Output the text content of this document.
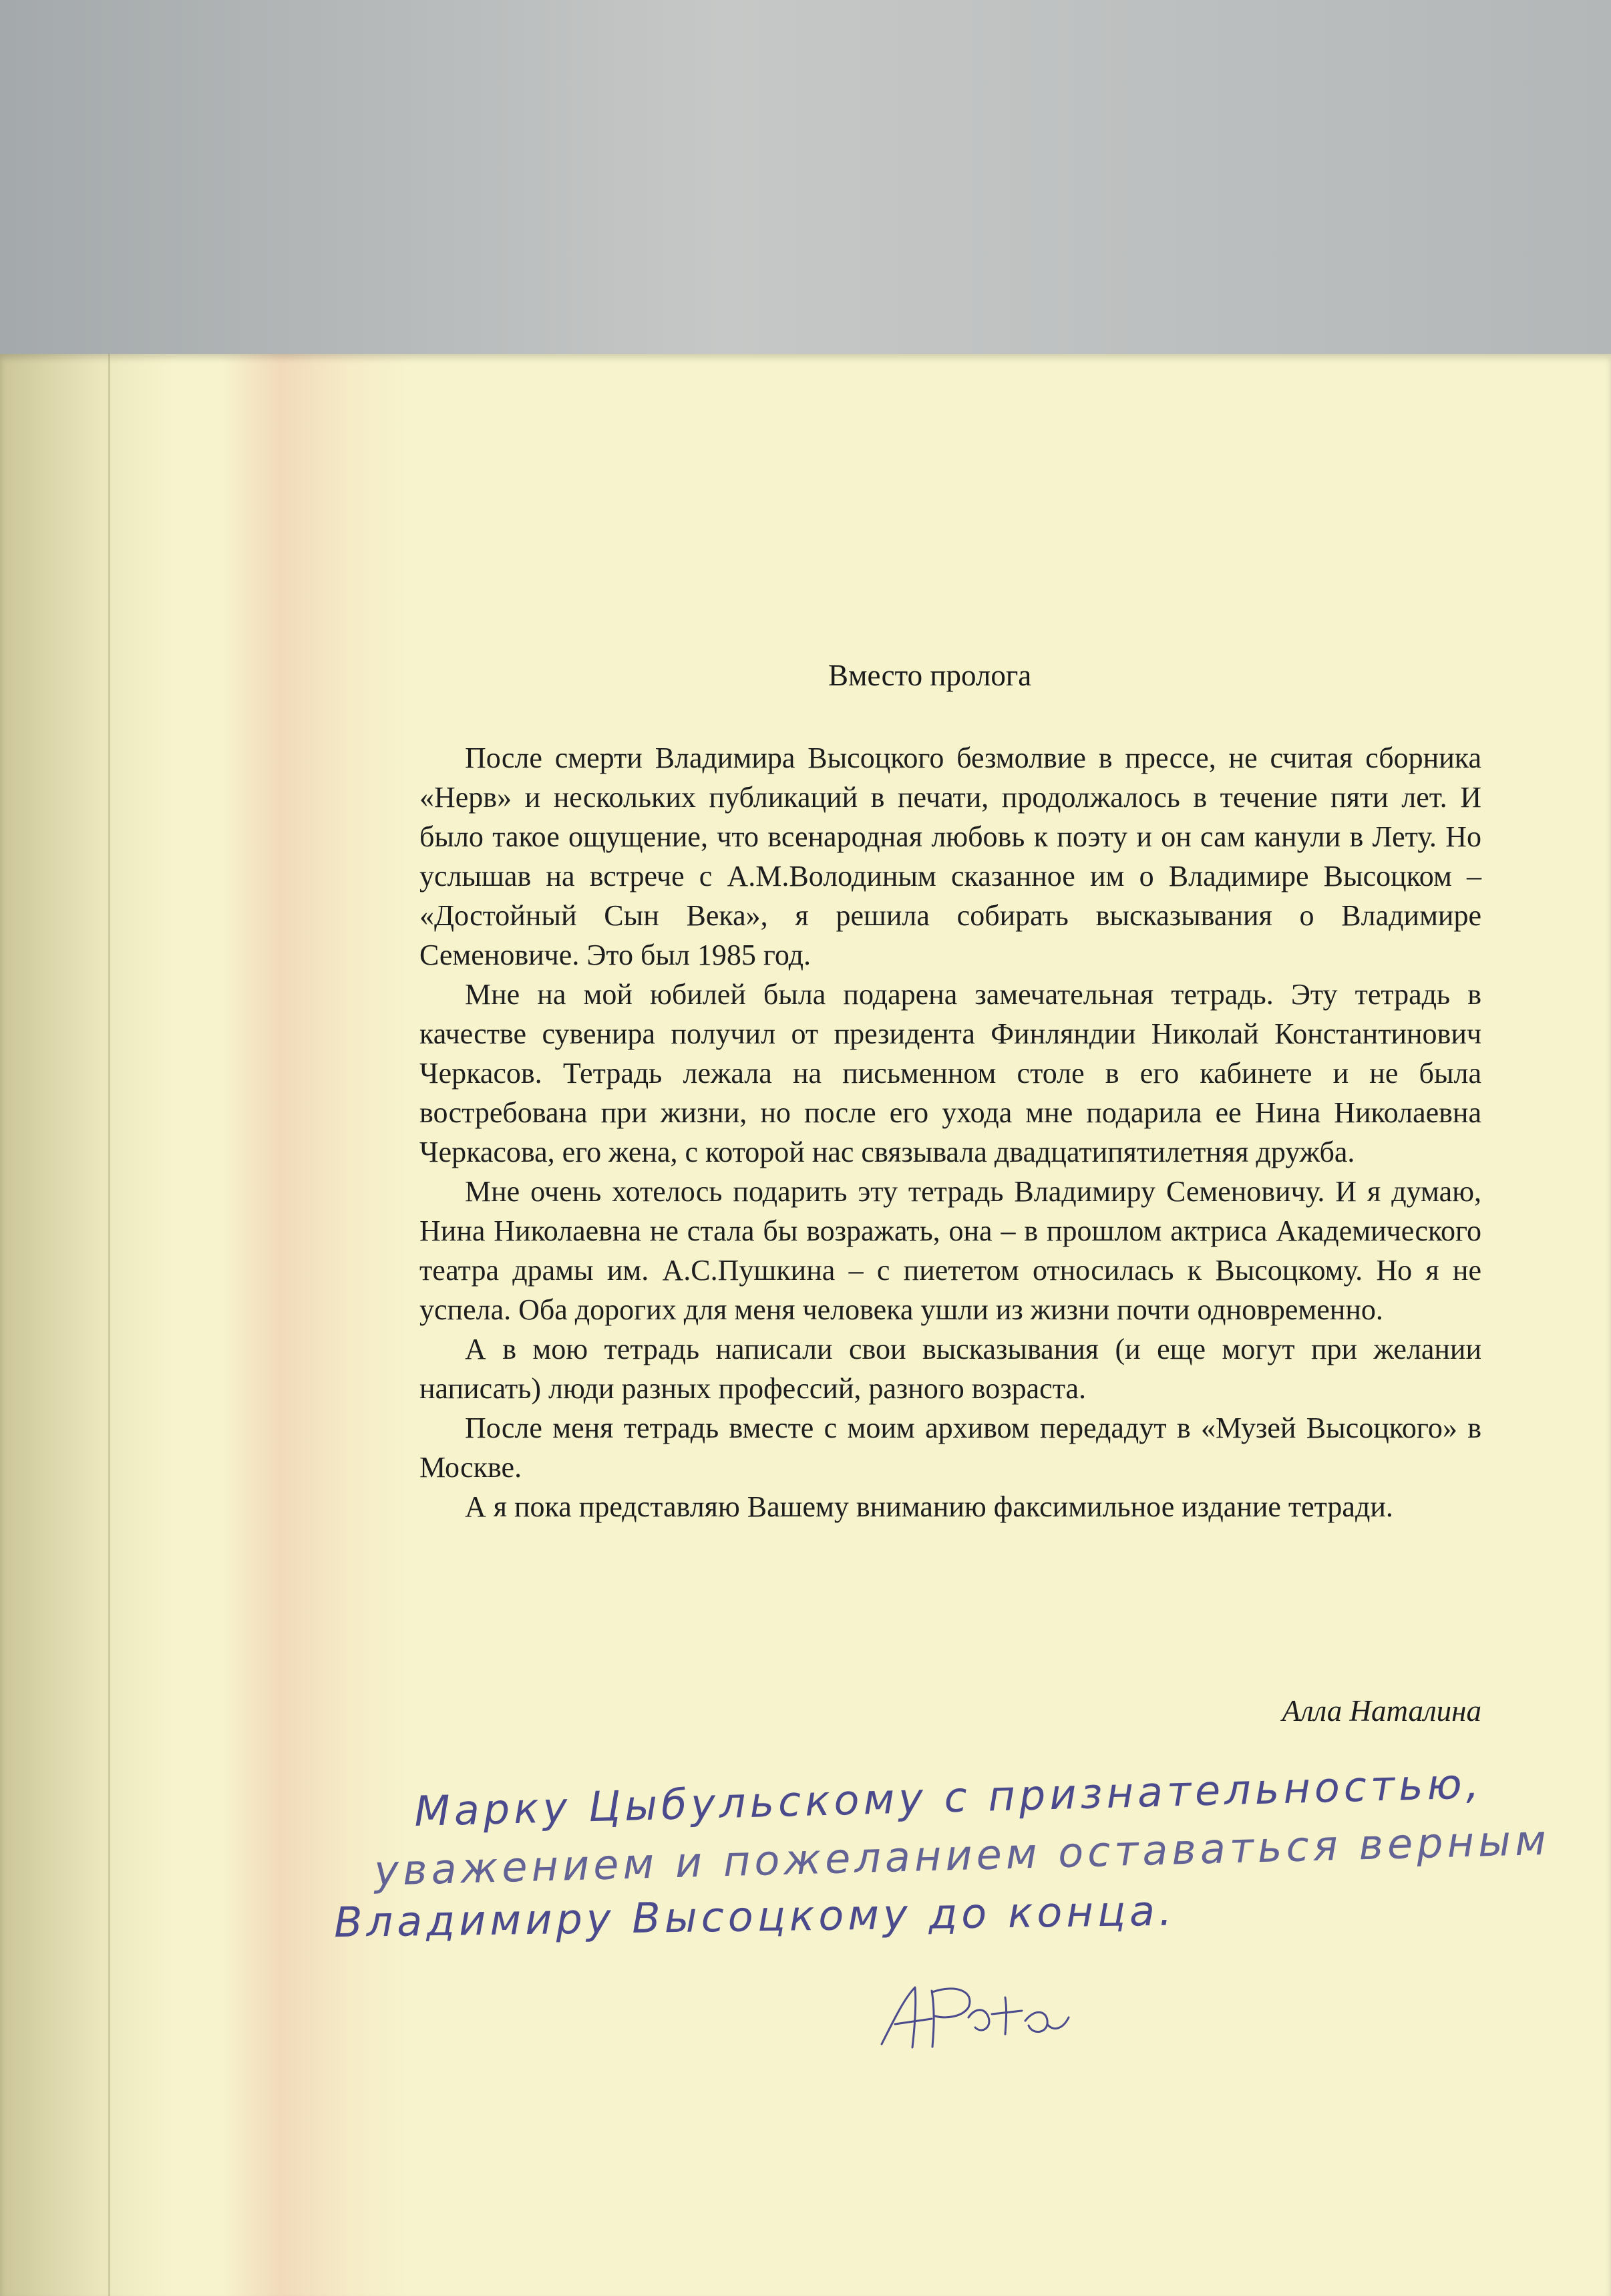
Вместо пролога

После смерти Владимира Высоцкого безмолвие в прессе, не считая сборника «Нерв» и нескольких публикаций в печати, продолжалось в течение пяти лет. И было такое ощущение, что всенародная любовь к поэту и он сам канули в Лету. Но услышав на встрече с А.М.Володиным сказанное им о Владимире Высоцком – «Достойный Сын Века», я решила собирать высказывания о Владимире Семеновиче. Это был 1985 год.

Мне на мой юбилей была подарена замечательная тетрадь. Эту тетрадь в качестве сувенира получил от президента Финляндии Николай Константинович Черкасов. Тетрадь лежала на письменном столе в его кабинете и не была востребована при жизни, но после его ухода мне подарила ее Нина Николаевна Черкасова, его жена, с которой нас связывала двадцатипятилетняя дружба.

Мне очень хотелось подарить эту тетрадь Владимиру Семеновичу. И я думаю, Нина Николаевна не стала бы возражать, она – в прошлом актриса Академического театра драмы им. А.С.Пушкина – с пиететом относилась к Высоцкому. Но я не успела. Оба дорогих для меня человека ушли из жизни почти одновременно.

А в мою тетрадь написали свои высказывания (и еще могут при желании написать) люди разных профессий, разного возраста.

После меня тетрадь вместе с моим архивом передадут в «Музей Высоцкого» в Москве.

А я пока представляю Вашему вниманию факсимильное издание тетради.

Алла Наталина
Марку Цыбульскому с признательностью,
уважением и пожеланием оставаться верным
Владимиру Высоцкому до конца.
